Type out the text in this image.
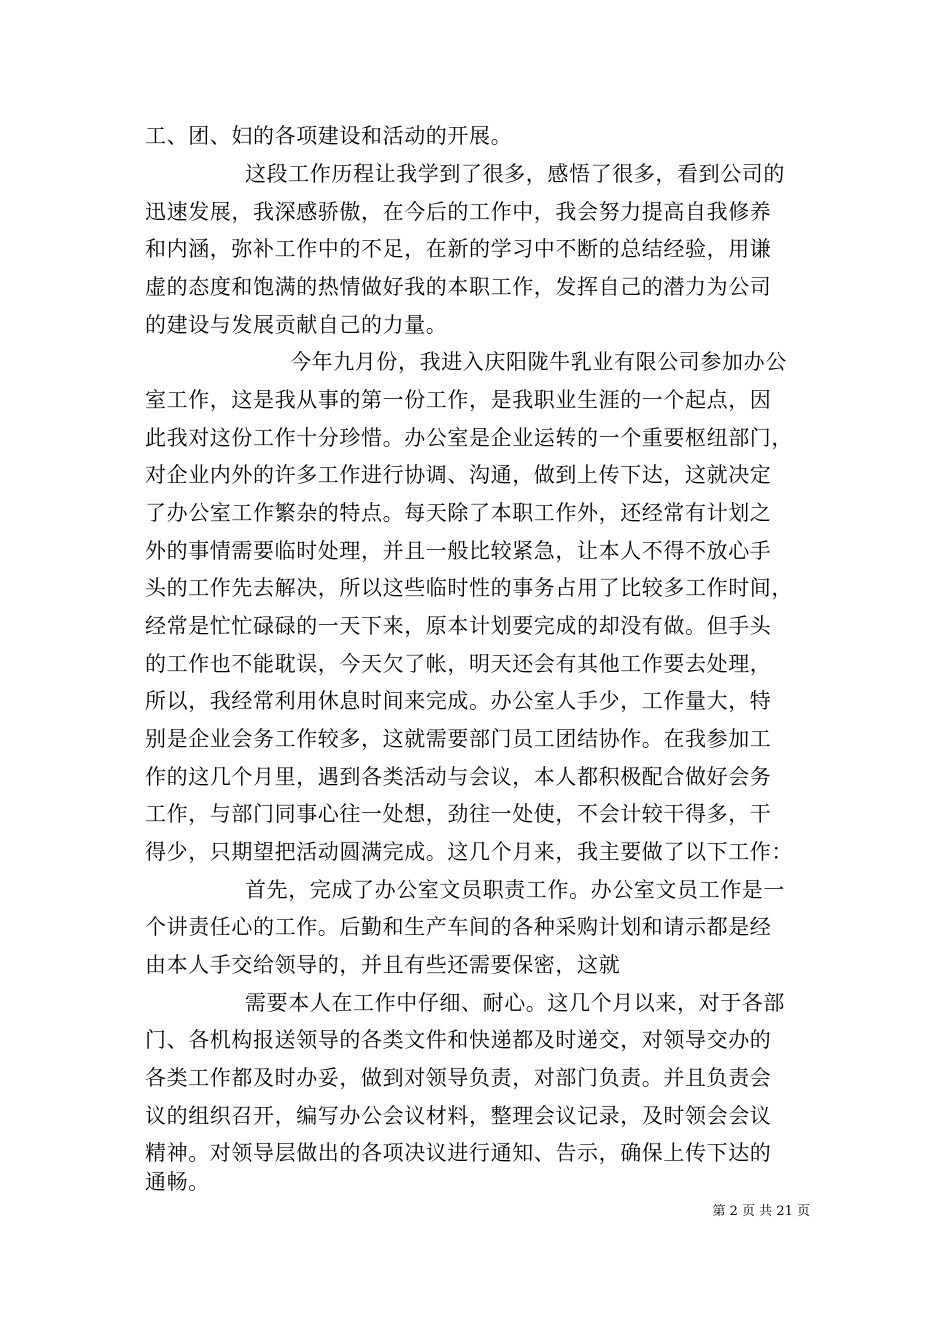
工、团、妇的各项建设和活动的开展。
这段工作历程让我学到了很多，感悟了很多，看到公司的
迅速发展，我深感骄傲，在今后的工作中，我会努力提高自我修养
和内涵，弥补工作中的不足，在新的学习中不断的总结经验，用谦
虚的态度和饱满的热情做好我的本职工作，发挥自己的潜力为公司
的建设与发展贡献自己的力量。
今年九月份，我进入庆阳陇牛乳业有限公司参加办公
室工作，这是我从事的第一份工作，是我职业生涯的一个起点，因
此我对这份工作十分珍惜。办公室是企业运转的一个重要枢纽部门，
对企业内外的许多工作进行协调、沟通，做到上传下达，这就决定
了办公室工作繁杂的特点。每天除了本职工作外，还经常有计划之
外的事情需要临时处理，并且一般比较紧急，让本人不得不放心手
头的工作先去解决，所以这些临时性的事务占用了比较多工作时间，
经常是忙忙碌碌的一天下来，原本计划要完成的却没有做。但手头
的工作也不能耽误，今天欠了帐，明天还会有其他工作要去处理，
所以，我经常利用休息时间来完成。办公室人手少，工作量大，特
别是企业会务工作较多，这就需要部门员工团结协作。在我参加工
作的这几个月里，遇到各类活动与会议，本人都积极配合做好会务
工作，与部门同事心往一处想，劲往一处使，不会计较干得多，干
得少，只期望把活动圆满完成。这几个月来，我主要做了以下工作：
首先，完成了办公室文员职责工作。办公室文员工作是一
个讲责任心的工作。后勤和生产车间的各种采购计划和请示都是经
由本人手交给领导的，并且有些还需要保密，这就
需要本人在工作中仔细、耐心。这几个月以来，对于各部
门、各机构报送领导的各类文件和快递都及时递交，对领导交办的
各类工作都及时办妥，做到对领导负责，对部门负责。并且负责会
议的组织召开，编写办公会议材料，整理会议记录，及时领会会议
精神。对领导层做出的各项决议进行通知、告示，确保上传下达的
通畅。
第 2 页 共 21 页
